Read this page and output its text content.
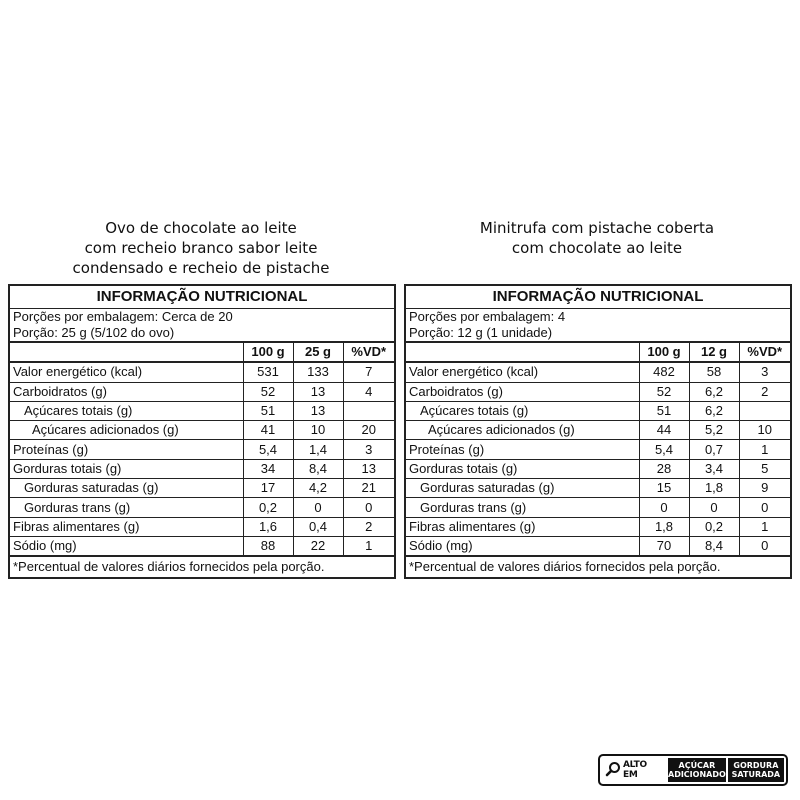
Ovo de chocolate ao leite
com recheio branco sabor leite
condensado e recheio de pistache
INFORMAÇÃO NUTRICIONAL			
Porções por embalagem: Cerca de 20			
Porção: 25 g (5/102 do ovo)			
	100 g	25 g	%VD*
Valor energético (kcal)	531	133	7
Carboidratos (g)	52	13	4
Açúcares totais (g)	51	13	
Açúcares adicionados (g)	41	10	20
Proteínas (g)	5,4	1,4	3
Gorduras totais (g)	34	8,4	13
Gorduras saturadas (g)	17	4,2	21
Gorduras trans (g)	0,2	0	0
Fibras alimentares (g)	1,6	0,4	2
Sódio (mg)	88	22	1
*Percentual de valores diários fornecidos pela porção.			
Minitrufa com pistache coberta
com chocolate ao leite
INFORMAÇÃO NUTRICIONAL			
Porções por embalagem: 4			
Porção: 12 g (1 unidade)			
	100 g	12 g	%VD*
Valor energético (kcal)	482	58	3
Carboidratos (g)	52	6,2	2
Açúcares totais (g)	51	6,2	
Açúcares adicionados (g)	44	5,2	10
Proteínas (g)	5,4	0,7	1
Gorduras totais (g)	28	3,4	5
Gorduras saturadas (g)	15	1,8	9
Gorduras trans (g)	0	0	0
Fibras alimentares (g)	1,8	0,2	1
Sódio (mg)	70	8,4	0
*Percentual de valores diários fornecidos pela porção.			
ALTO EM
AÇÚCAR
ADICIONADO
GORDURA
SATURADA
